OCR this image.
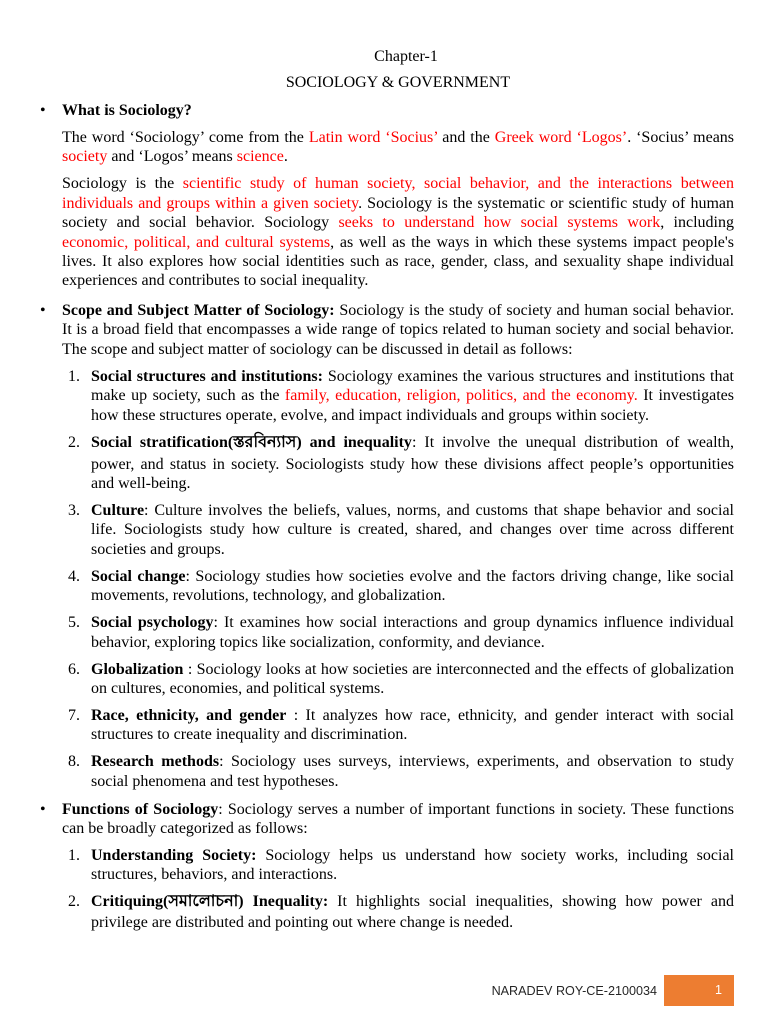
Chapter-1
SOCIOLOGY & GOVERNMENT
• What is Sociology?
The word ‘Sociology’ come from the Latin word ‘Socius’ and the Greek word ‘Logos’. ‘Socius’ means society and ‘Logos’ means science.
Sociology is the scientific study of human society, social behavior, and the interactions between individuals and groups within a given society. Sociology is the systematic or scientific study of human society and social behavior. Sociology seeks to understand how social systems work, including economic, political, and cultural systems, as well as the ways in which these systems impact people's lives. It also explores how social identities such as race, gender, class, and sexuality shape individual experiences and contributes to social inequality.
• Scope and Subject Matter of Sociology: Sociology is the study of society and human social behavior. It is a broad field that encompasses a wide range of topics related to human society and social behavior. The scope and subject matter of sociology can be discussed in detail as follows:
1. Social structures and institutions: Sociology examines the various structures and institutions that make up society, such as the family, education, religion, politics, and the economy. It investigates how these structures operate, evolve, and impact individuals and groups within society.
2. Social stratification(স্তরবিন্যাস) and inequality: It involve the unequal distribution of wealth, power, and status in society. Sociologists study how these divisions affect people’s opportunities and well-being.
3. Culture: Culture involves the beliefs, values, norms, and customs that shape behavior and social life. Sociologists study how culture is created, shared, and changes over time across different societies and groups.
4. Social change: Sociology studies how societies evolve and the factors driving change, like social movements, revolutions, technology, and globalization.
5. Social psychology: It examines how social interactions and group dynamics influence individual behavior, exploring topics like socialization, conformity, and deviance.
6. Globalization : Sociology looks at how societies are interconnected and the effects of globalization on cultures, economies, and political systems.
7. Race, ethnicity, and gender : It analyzes how race, ethnicity, and gender interact with social structures to create inequality and discrimination.
8. Research methods: Sociology uses surveys, interviews, experiments, and observation to study social phenomena and test hypotheses.
• Functions of Sociology: Sociology serves a number of important functions in society. These functions can be broadly categorized as follows:
1. Understanding Society: Sociology helps us understand how society works, including social structures, behaviors, and interactions.
2. Critiquing(সমালোচনা) Inequality: It highlights social inequalities, showing how power and privilege are distributed and pointing out where change is needed.
NARADEV ROY-CE-2100034	1
